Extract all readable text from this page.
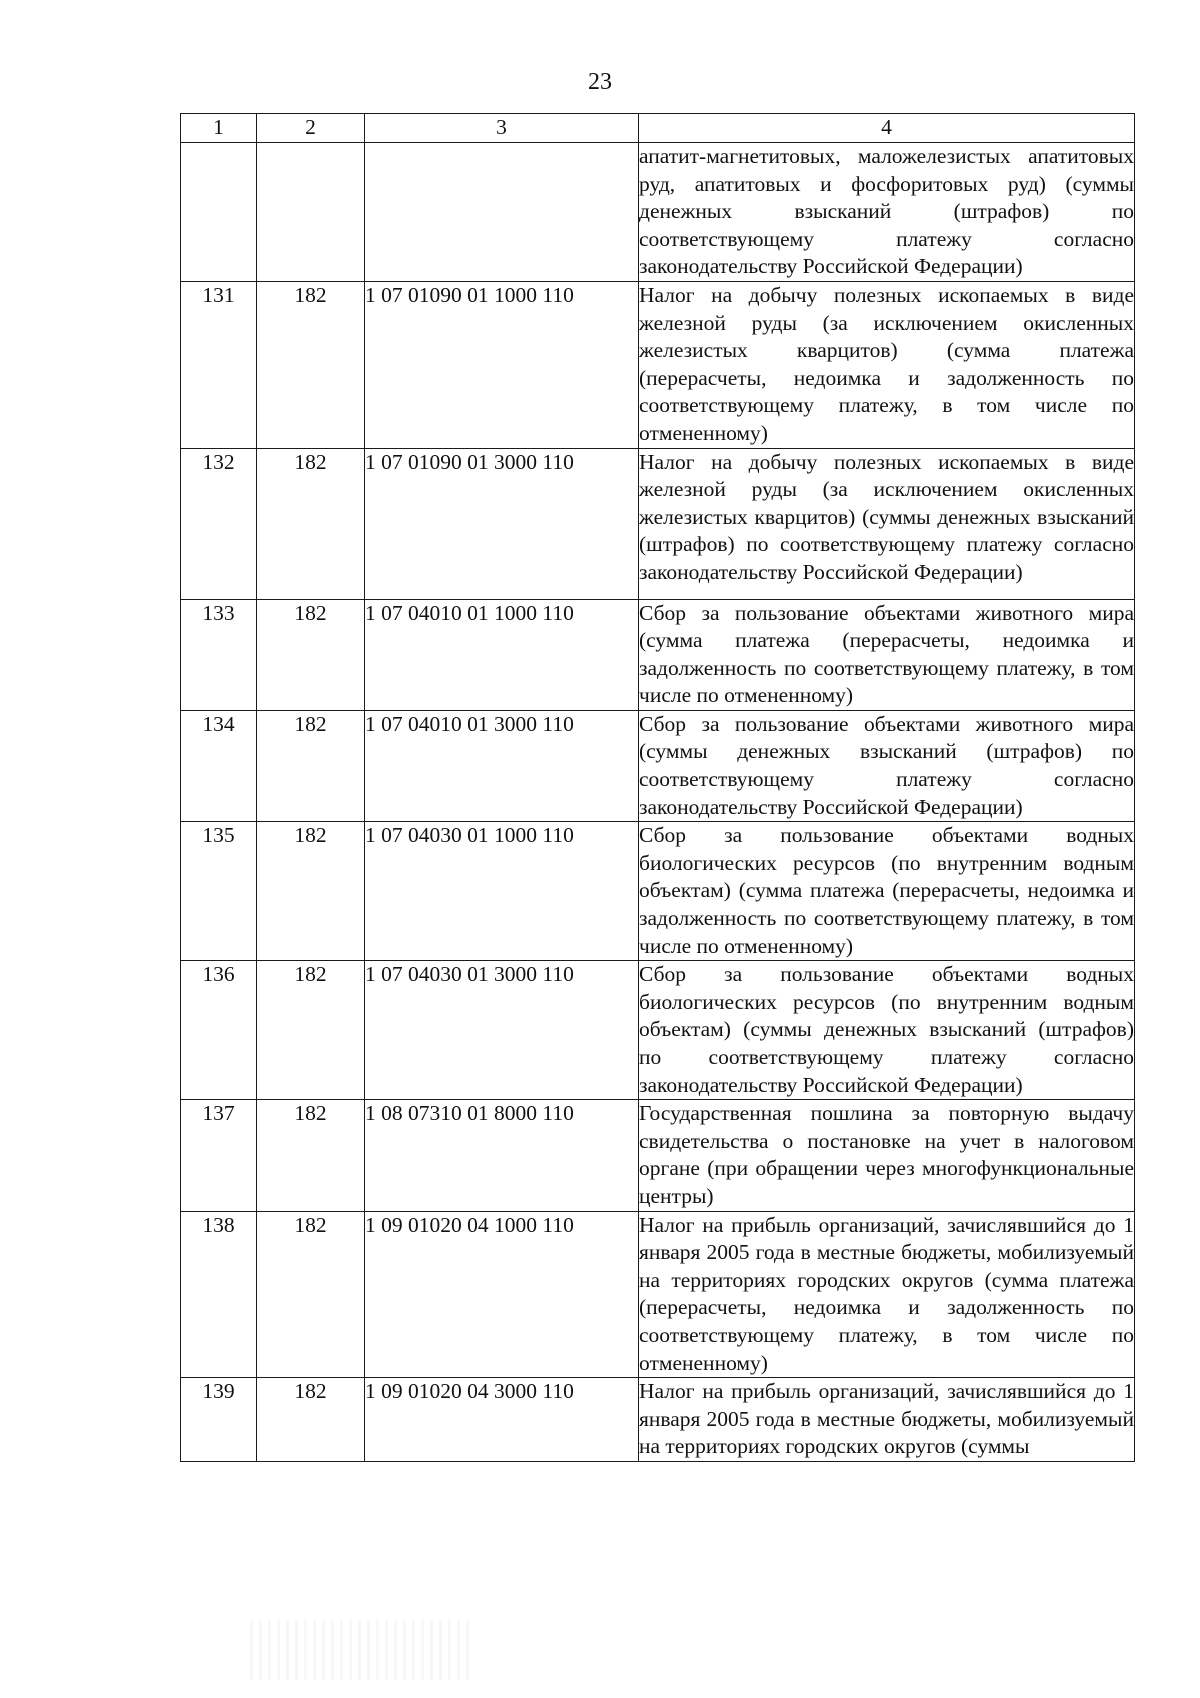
23
1	2	3	4
			апатит-магнетитовых, маложелезистых апатитовых руд, апатитовых и фосфоритовых руд) (суммы денежных взысканий (штрафов) по соответствующему платежу согласно законодательству Российской Федерации)
131	182	1 07 01090 01 1000 110	Налог на добычу полезных ископаемых в виде железной руды (за исключением окисленных железистых кварцитов) (сумма платежа (перерасчеты, недоимка и задолженность по соответствующему платежу, в том числе по отмененному)
132	182	1 07 01090 01 3000 110	Налог на добычу полезных ископаемых в виде железной руды (за исключением окисленных железистых кварцитов) (суммы денежных взысканий (штрафов) по соответствующему платежу согласно законодательству Российской Федерации)
133	182	1 07 04010 01 1000 110	Сбор за пользование объектами животного мира (сумма платежа (перерасчеты, недоимка и задолженность по соответствующему платежу, в том числе по отмененному)
134	182	1 07 04010 01 3000 110	Сбор за пользование объектами животного мира (суммы денежных взысканий (штрафов) по соответствующему платежу согласно законодательству Российской Федерации)
135	182	1 07 04030 01 1000 110	Сбор за пользование объектами водных биологических ресурсов (по внутренним водным объектам) (сумма платежа (перерасчеты, недоимка и задолженность по соответствующему платежу, в том числе по отмененному)
136	182	1 07 04030 01 3000 110	Сбор за пользование объектами водных биологических ресурсов (по внутренним водным объектам) (суммы денежных взысканий (штрафов) по соответствующему платежу согласно законодательству Российской Федерации)
137	182	1 08 07310 01 8000 110	Государственная пошлина за повторную выдачу свидетельства о постановке на учет в налоговом органе (при обращении через многофункциональные центры)
138	182	1 09 01020 04 1000 110	Налог на прибыль организаций, зачислявшийся до 1 января 2005 года в местные бюджеты, мобилизуемый на территориях городских округов (сумма платежа (перерасчеты, недоимка и задолженность по соответствующему платежу, в том числе по отмененному)
139	182	1 09 01020 04 3000 110	Налог на прибыль организаций, зачислявшийся до 1 января 2005 года в местные бюджеты, мобилизуемый на территориях городских округов (суммы
